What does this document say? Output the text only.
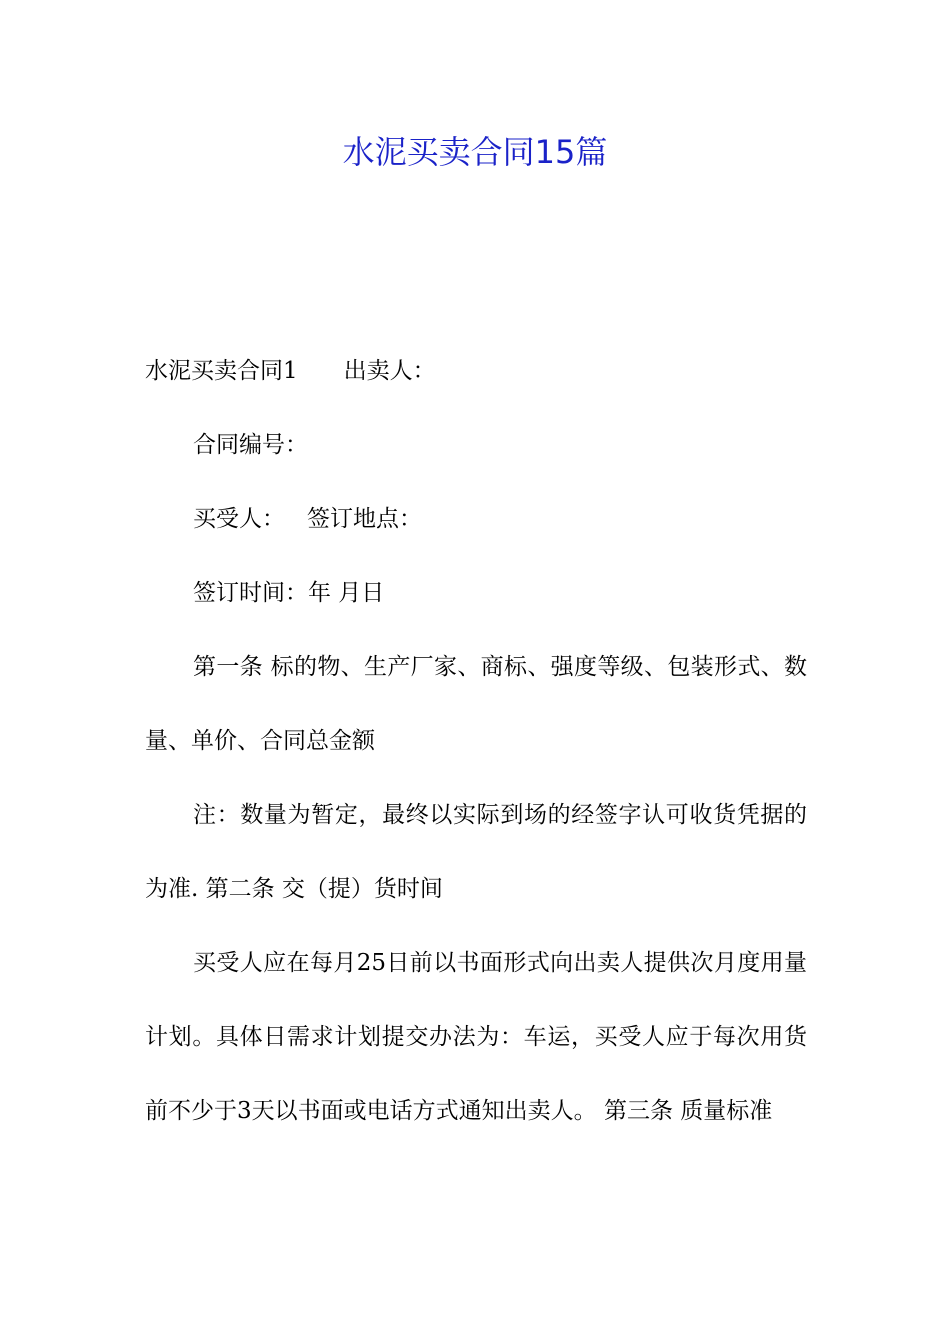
水泥买卖合同15篇

水泥买卖合同1 出卖人：

合同编号：

买受人： 签订地点：

签订时间：年 月日

第一条 标的物、生产厂家、商标、强度等级、包装形式、数量、单价、合同总金额

注：数量为暂定，最终以实际到场的经签字认可收货凭据的为准. 第二条 交（提）货时间

买受人应在每月25日前以书面形式向出卖人提供次月度用量计划。具体日需求计划提交办法为：车运，买受人应于每次用货前不少于3天以书面或电话方式通知出卖人。 第三条 质量标准
